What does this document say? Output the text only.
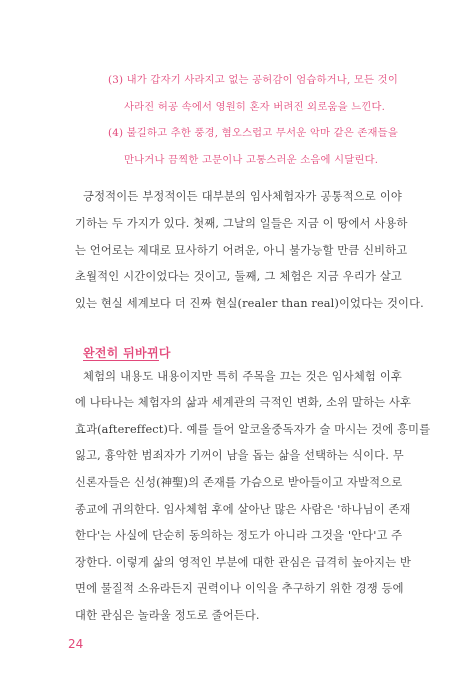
(3) 내가 갑자기 사라지고 없는 공허감이 엄습하거나, 모든 것이
사라진 허공 속에서 영원히 혼자 버려진 외로움을 느낀다.
(4) 불길하고 추한 풍경, 혐오스럽고 무서운 악마 같은 존재들을
만나거나 끔찍한 고문이나 고통스러운 소음에 시달린다.
긍정적이든 부정적이든 대부분의 임사체험자가 공통적으로 이야
기하는 두 가지가 있다. 첫째, 그날의 일들은 지금 이 땅에서 사용하
는 언어로는 제대로 묘사하기 어려운, 아니 불가능할 만큼 신비하고
초월적인 시간이었다는 것이고, 둘째, 그 체험은 지금 우리가 살고
있는 현실 세계보다 더 진짜 현실(realer than real)이었다는 것이다.
완전히 뒤바뀌다
체험의 내용도 내용이지만 특히 주목을 끄는 것은 임사체험 이후
에 나타나는 체험자의 삶과 세계관의 극적인 변화, 소위 말하는 사후
효과(aftereffect)다. 예를 들어 알코올중독자가 술 마시는 것에 흥미를
잃고, 흉악한 범죄자가 기꺼이 남을 돕는 삶을 선택하는 식이다. 무
신론자들은 신성(神聖)의 존재를 가슴으로 받아들이고 자발적으로
종교에 귀의한다. 임사체험 후에 살아난 많은 사람은 '하나님이 존재
한다'는 사실에 단순히 동의하는 정도가 아니라 그것을 '안다'고 주
장한다. 이렇게 삶의 영적인 부분에 대한 관심은 급격히 높아지는 반
면에 물질적 소유라든지 권력이나 이익을 추구하기 위한 경쟁 등에
대한 관심은 놀라울 정도로 줄어든다.
24
